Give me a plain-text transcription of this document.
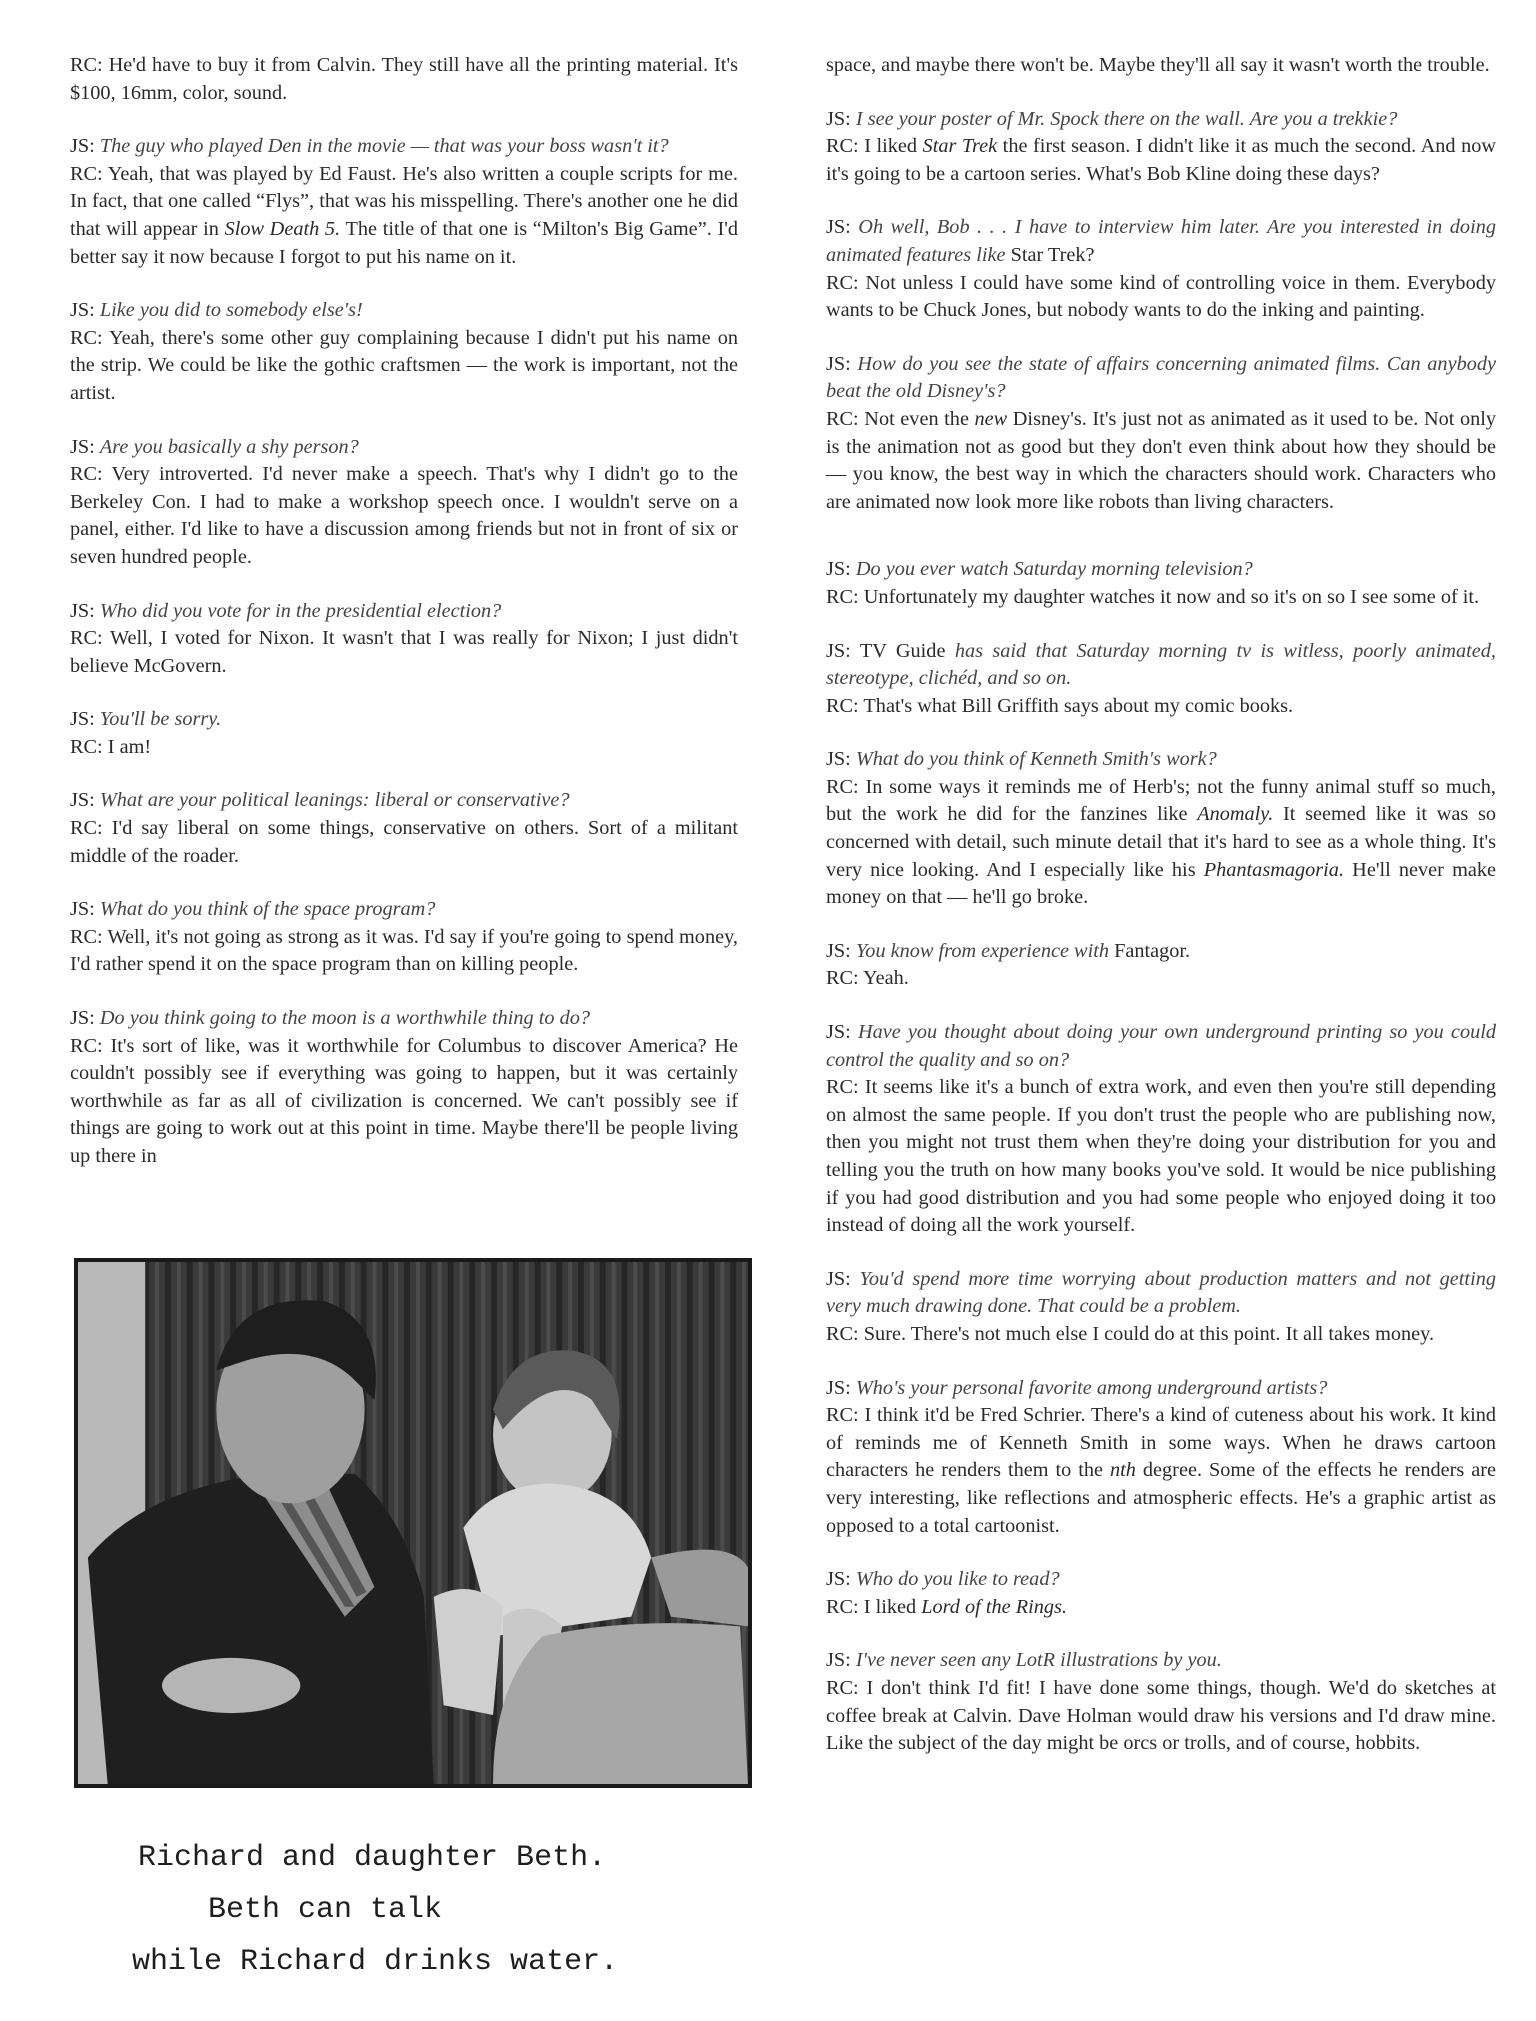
RC: He'd have to buy it from Calvin. They still have all the printing material. It's $100, 16mm, color, sound.
JS: The guy who played Den in the movie — that was your boss wasn't it?
RC: Yeah, that was played by Ed Faust. He's also written a couple scripts for me. In fact, that one called “Flys”, that was his misspelling. There's another one he did that will appear in Slow Death 5. The title of that one is “Milton's Big Game”. I'd better say it now because I forgot to put his name on it.
JS: Like you did to somebody else's!
RC: Yeah, there's some other guy complaining because I didn't put his name on the strip. We could be like the gothic craftsmen — the work is important, not the artist.
JS: Are you basically a shy person?
RC: Very introverted. I'd never make a speech. That's why I didn't go to the Berkeley Con. I had to make a workshop speech once. I wouldn't serve on a panel, either. I'd like to have a discussion among friends but not in front of six or seven hundred people.
JS: Who did you vote for in the presidential election?
RC: Well, I voted for Nixon. It wasn't that I was really for Nixon; I just didn't believe McGovern.
JS: You'll be sorry.
RC: I am!
JS: What are your political leanings: liberal or conservative?
RC: I'd say liberal on some things, conservative on others. Sort of a militant middle of the roader.
JS: What do you think of the space program?
RC: Well, it's not going as strong as it was. I'd say if you're going to spend money, I'd rather spend it on the space program than on killing people.
JS: Do you think going to the moon is a worthwhile thing to do?
RC: It's sort of like, was it worthwhile for Columbus to discover America? He couldn't possibly see if everything was going to happen, but it was certainly worthwhile as far as all of civilization is concerned. We can't possibly see if things are going to work out at this point in time. Maybe there'll be people living up there in
Richard and daughter Beth.
Beth can talk
while Richard drinks water.
space, and maybe there won't be. Maybe they'll all say it wasn't worth the trouble.
JS: I see your poster of Mr. Spock there on the wall. Are you a trekkie?
RC: I liked Star Trek the first season. I didn't like it as much the second. And now it's going to be a cartoon series. What's Bob Kline doing these days?
JS: Oh well, Bob . . . I have to interview him later. Are you interested in doing animated features like Star Trek?
RC: Not unless I could have some kind of controlling voice in them. Everybody wants to be Chuck Jones, but nobody wants to do the inking and painting.
JS: How do you see the state of affairs concerning animated films. Can anybody beat the old Disney's?
RC: Not even the new Disney's. It's just not as animated as it used to be. Not only is the animation not as good but they don't even think about how they should be — you know, the best way in which the characters should work. Characters who are animated now look more like robots than living characters.
JS: Do you ever watch Saturday morning television?
RC: Unfortunately my daughter watches it now and so it's on so I see some of it.
JS: TV Guide has said that Saturday morning tv is witless, poorly animated, stereotype, clichéd, and so on.
RC: That's what Bill Griffith says about my comic books.
JS: What do you think of Kenneth Smith's work?
RC: In some ways it reminds me of Herb's; not the funny animal stuff so much, but the work he did for the fanzines like Anomaly. It seemed like it was so concerned with detail, such minute detail that it's hard to see as a whole thing. It's very nice looking. And I especially like his Phantasmagoria. He'll never make money on that — he'll go broke.
JS: You know from experience with Fantagor.
RC: Yeah.
JS: Have you thought about doing your own underground printing so you could control the quality and so on?
RC: It seems like it's a bunch of extra work, and even then you're still depending on almost the same people. If you don't trust the people who are publishing now, then you might not trust them when they're doing your distribution for you and telling you the truth on how many books you've sold. It would be nice publishing if you had good distribution and you had some people who enjoyed doing it too instead of doing all the work yourself.
JS: You'd spend more time worrying about production matters and not getting very much drawing done. That could be a problem.
RC: Sure. There's not much else I could do at this point. It all takes money.
JS: Who's your personal favorite among underground artists?
RC: I think it'd be Fred Schrier. There's a kind of cuteness about his work. It kind of reminds me of Kenneth Smith in some ways. When he draws cartoon characters he renders them to the nth degree. Some of the effects he renders are very interesting, like reflections and atmospheric effects. He's a graphic artist as opposed to a total cartoonist.
JS: Who do you like to read?
RC: I liked Lord of the Rings.
JS: I've never seen any LotR illustrations by you.
RC: I don't think I'd fit! I have done some things, though. We'd do sketches at coffee break at Calvin. Dave Holman would draw his versions and I'd draw mine. Like the subject of the day might be orcs or trolls, and of course, hobbits.
